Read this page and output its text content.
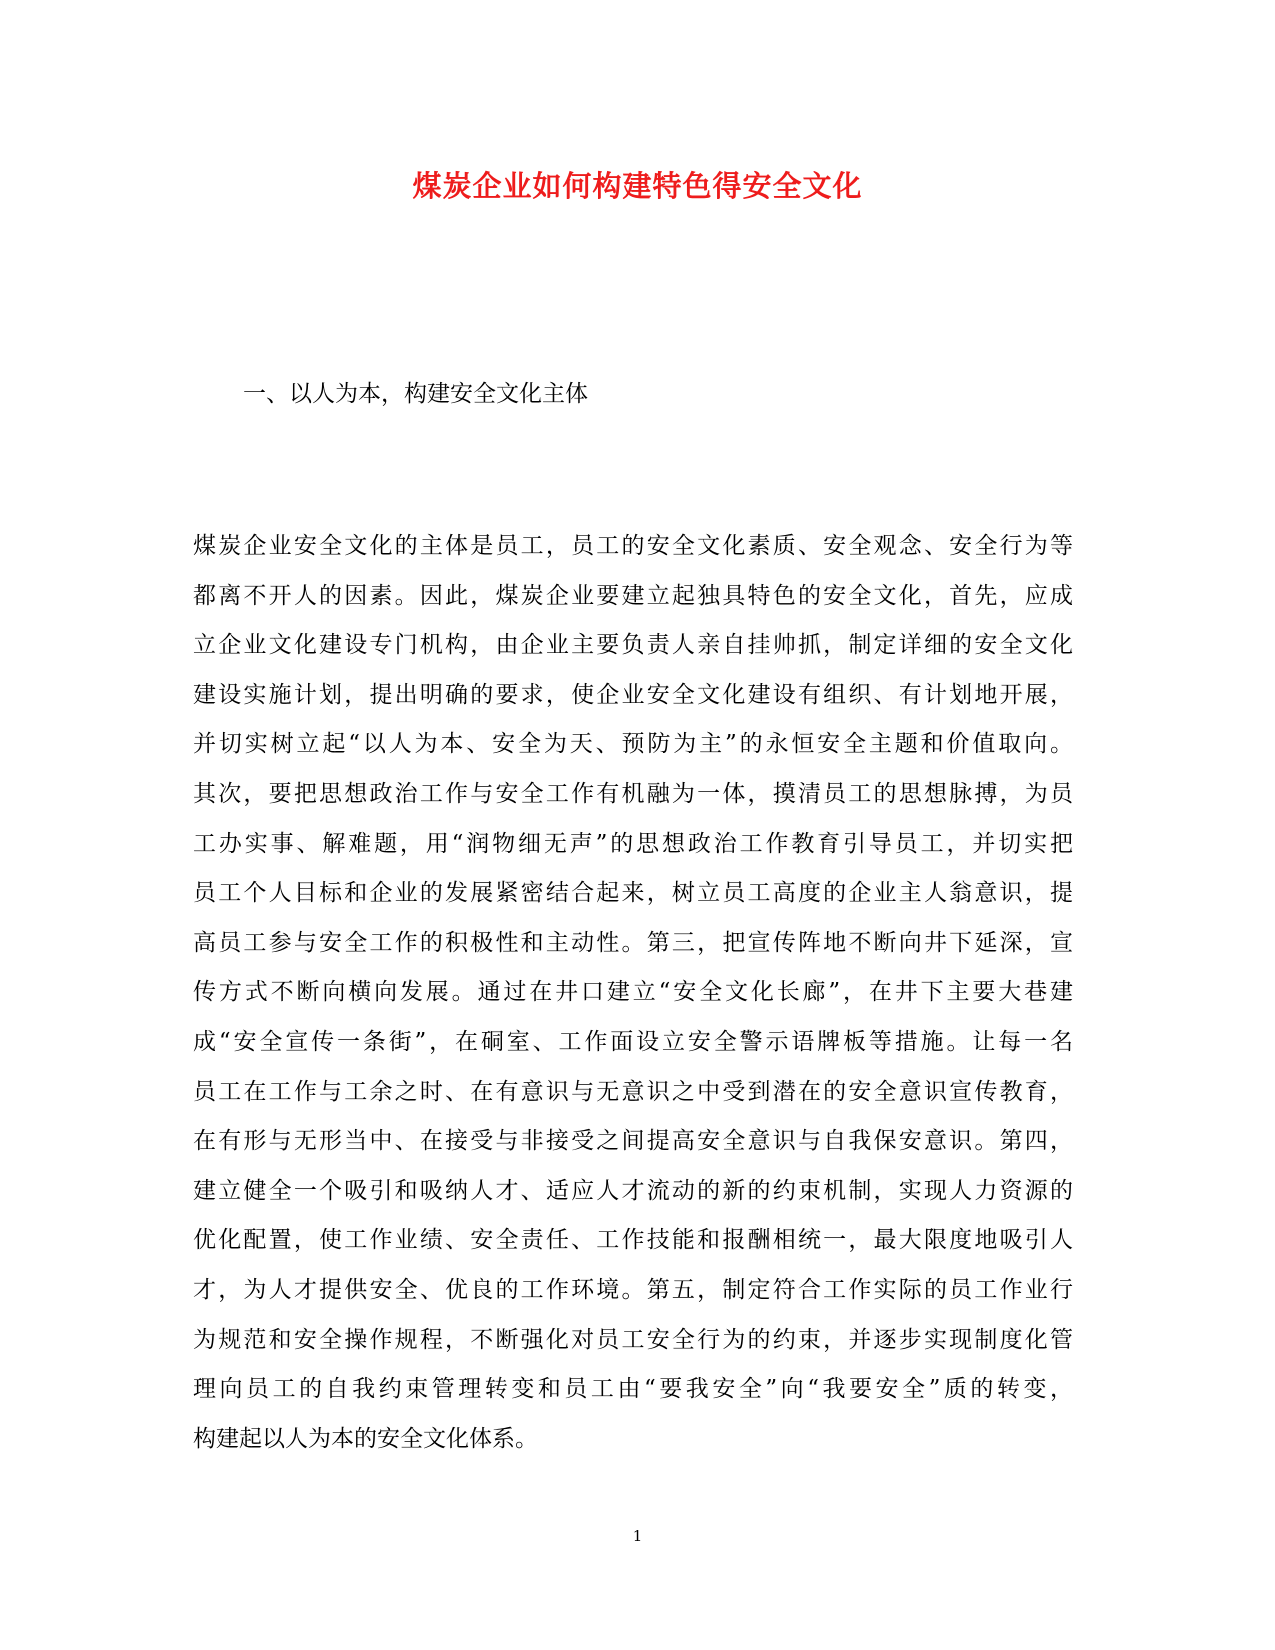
煤炭企业如何构建特色得安全文化

一、以人为本，构建安全文化主体

煤炭企业安全文化的主体是员工，员工的安全文化素质、安全观念、安全行为等
都离不开人的因素。因此，煤炭企业要建立起独具特色的安全文化，首先，应成
立企业文化建设专门机构，由企业主要负责人亲自挂帅抓，制定详细的安全文化
建设实施计划，提出明确的要求，使企业安全文化建设有组织、有计划地开展，
并切实树立起“以人为本、安全为天、预防为主”的永恒安全主题和价值取向。
其次，要把思想政治工作与安全工作有机融为一体，摸清员工的思想脉搏，为员
工办实事、解难题，用“润物细无声”的思想政治工作教育引导员工，并切实把
员工个人目标和企业的发展紧密结合起来，树立员工高度的企业主人翁意识，提
高员工参与安全工作的积极性和主动性。第三，把宣传阵地不断向井下延深，宣
传方式不断向横向发展。通过在井口建立“安全文化长廊”，在井下主要大巷建
成“安全宣传一条街”，在硐室、工作面设立安全警示语牌板等措施。让每一名
员工在工作与工余之时、在有意识与无意识之中受到潜在的安全意识宣传教育，
在有形与无形当中、在接受与非接受之间提高安全意识与自我保安意识。第四，
建立健全一个吸引和吸纳人才、适应人才流动的新的约束机制，实现人力资源的
优化配置，使工作业绩、安全责任、工作技能和报酬相统一，最大限度地吸引人
才，为人才提供安全、优良的工作环境。第五，制定符合工作实际的员工作业行
为规范和安全操作规程，不断强化对员工安全行为的约束，并逐步实现制度化管
理向员工的自我约束管理转变和员工由“要我安全”向“我要安全”质的转变，
构建起以人为本的安全文化体系。
1
